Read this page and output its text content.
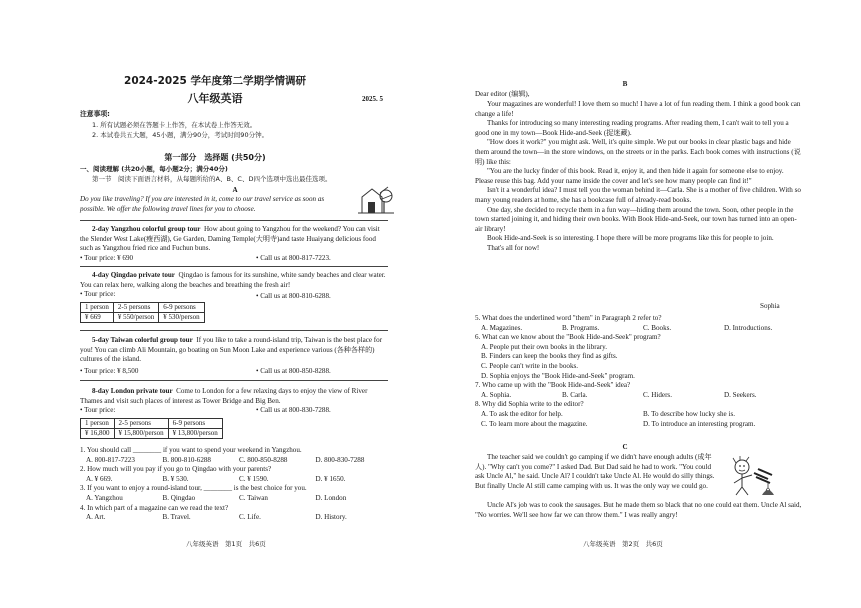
2024-2025 学年度第二学期学情调研
八年级英语	2025. 5
注意事项:
1. 所有试题必须在答题卡上作答，在本试卷上作答无效。
2. 本试卷共五大题，45小题，满分90分，考试时间90分钟。
第一部分　选择题 (共50分)
一、阅读理解 (共20小题，每小题2分；满分40分)
第一节　阅读下面语言材料，从每题所给的A、B、C、D四个选项中选出最佳选项。
A
Do you like traveling? If you are interested in it, come to our travel service as soon as possible. We offer the following travel lines for you to choose.
2-day Yangzhou colorful group tour How about going to Yangzhou for the weekend? You can visit the Slender West Lake(瘦西湖), Ge Garden, Daming Temple(大明寺)and taste Huaiyang delicious food such as Yangzhou fried rice and Fuchun buns.
• Tour price: ¥ 690	• Call us at 800-817-7223.
4-day Qingdao private tour Qingdao is famous for its sunshine, white sandy beaches and clear water. You can relax here, walking along the beaches and breathing the fresh air!
• Tour price:	• Call us at 800-810-6288.
1 person	2-5 persons	6-9 persons
¥ 669	¥ 550/person	¥ 530/person
5-day Taiwan colorful group tour If you like to take a round-island trip, Taiwan is the best place for you! You can climb Ali Mountain, go boating on Sun Moon Lake and experience various (各种各样的) cultures of the island.
• Tour price: ¥ 8,500	• Call us at 800-850-8288.
8-day London private tour Come to London for a few relaxing days to enjoy the view of River Thames and visit such places of interest as Tower Bridge and Big Ben.
• Tour price:	• Call us at 800-830-7288.
1 person	2-5 persons	6-9 persons
¥ 16,800	¥ 15,800/person	¥ 13,800/person

1. You should call ________ if you want to spend your weekend in Yangzhou.

A. 800-817-7223	B. 800-810-6288	C. 800-850-8288	D. 800-830-7288

2. How much will you pay if you go to Qingdao with your parents?

A. ¥ 669.	B. ¥ 530.	C. ¥ 1590.	D. ¥ 1650.

3. If you want to enjoy a round-island tour, ________ is the best choice for you.

A. Yangzhou	B. Qingdao	C. Taiwan	D. London

4. In which part of a magazine can we read the text?

A. Art.	B. Travel.	C. Life.	D. History.
八年级英语　第1页　共6页
B
Dear editor (编辑),

Your magazines are wonderful! I love them so much! I have a lot of fun reading them. I think a good book can change a life!

Thanks for introducing so many interesting reading programs. After reading them, I can't wait to tell you a good one in my town—Book Hide-and-Seek (捉迷藏).

"How does it work?" you might ask. Well, it's quite simple. We put our books in clear plastic bags and hide them around the town—in the store windows, on the streets or in the parks. Each book comes with instructions (说明) like this:

"You are the lucky finder of this book. Read it, enjoy it, and then hide it again for someone else to enjoy. Please reuse this bag. Add your name inside the cover and let's see how many people can find it!"

Isn't it a wonderful idea? I must tell you the woman behind it—Carla. She is a mother of five children. With so many young readers at home, she has a bookcase full of already-read books.

One day, she decided to recycle them in a fun way—hiding them around the town. Soon, other people in the town started joining it, and hiding their own books. With Book Hide-and-Seek, our town has turned into an open-air library!

Book Hide-and-Seek is so interesting. I hope there will be more programs like this for people to join.

That's all for now!

Sophia

5. What does the underlined word "them" in Paragraph 2 refer to?

A. Magazines.	B. Programs.	C. Books.	D. Introductions.

6. What can we know about the "Book Hide-and-Seek" program?

A. People put their own books in the library.

B. Finders can keep the books they find as gifts.

C. People can't write in the books.

D. Sophia enjoys the "Book Hide-and-Seek" program.

7. Who came up with the "Book Hide-and-Seek" idea?

A. Sophia.	B. Carla.	C. Hiders.	D. Seekers.

8. Why did Sophia write to the editor?

A. To ask the editor for help.	B. To describe how lucky she is.
C. To learn more about the magazine.	D. To introduce an interesting program.
C

The teacher said we couldn't go camping if we didn't have enough adults (成年人). "Why can't you come?" I asked Dad. But Dad said he had to work. "You could ask Uncle Al," he said. Uncle Al? I couldn't take Uncle Al. He would do silly things. But finally Uncle Al still came camping with us. It was the only way we could go.

Uncle Al's job was to cook the sausages. But he made them so black that no one could eat them. Uncle Al said, "No worries. We'll see how far we can throw them." I was really angry!

八年级英语　第2页　共6页
